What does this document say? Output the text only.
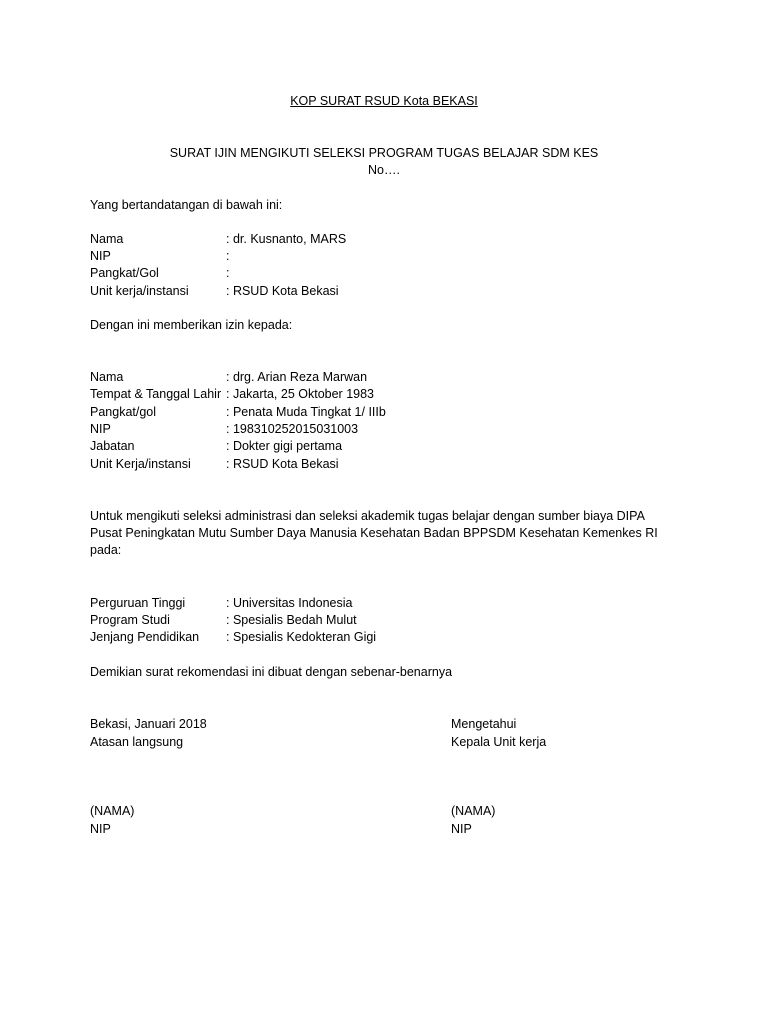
KOP SURAT RSUD Kota BEKASI
SURAT IJIN MENGIKUTI SELEKSI PROGRAM TUGAS BELAJAR SDM KES
No….
Yang bertandatangan di bawah ini:
Nama	: dr. Kusnanto, MARS
NIP	:
Pangkat/Gol	:
Unit kerja/instansi	: RSUD Kota Bekasi
Dengan ini memberikan izin kepada:
Nama	: drg. Arian Reza Marwan
Tempat & Tanggal Lahir : Jakarta, 25 Oktober 1983
Pangkat/gol	: Penata Muda Tingkat 1/ IIIb
NIP	: 198310252015031003
Jabatan	: Dokter gigi pertama
Unit Kerja/instansi	: RSUD Kota Bekasi
Untuk mengikuti seleksi administrasi dan seleksi akademik tugas belajar dengan sumber biaya DIPA
Pusat Peningkatan Mutu Sumber Daya Manusia Kesehatan Badan BPPSDM Kesehatan Kemenkes RI
pada:
Perguruan Tinggi	: Universitas Indonesia
Program Studi	: Spesialis Bedah Mulut
Jenjang Pendidikan : Spesialis Kedokteran Gigi
Demikian surat rekomendasi ini dibuat dengan sebenar-benarnya
Bekasi, Januari 2018
Atasan langsung
(NAMA)
NIP
Mengetahui
Kepala Unit kerja
(NAMA)
NIP
